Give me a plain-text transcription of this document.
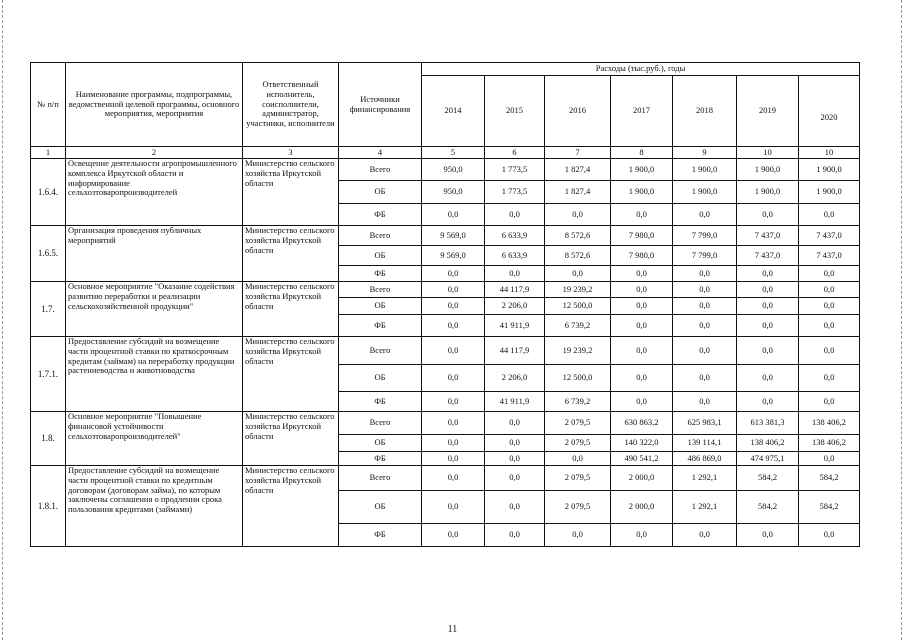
№ п/п	Наименование программы, подпрограммы, ведомственной целевой программы, основного мероприятия, мероприятия	Ответственный исполнитель, соисполнители, администратор, участники, исполнители	Источники финансирования	Расходы (тыс.руб.), годы						
				2014	2015	2016	2017	2018	2019	2020
1	2	3	4	5	6	7	8	9	10	10
1.6.4.	Освещение деятельности агропромышленного комплекса Иркутской области и информирование сельхозтоваропроизводителей	Министерство сельского хозяйства Иркутской области	Всего	950,0	1 773,5	1 827,4	1 900,0	1 900,0	1 900,0	1 900,0
			ОБ	950,0	1 773,5	1 827,4	1 900,0	1 900,0	1 900,0	1 900,0
			ФБ	0,0	0,0	0,0	0,0	0,0	0,0	0,0
1.6.5.	Организация проведения публичных мероприятий	Министерство сельского хозяйства Иркутской области	Всего	9 569,0	6 633,9	8 572,6	7 980,0	7 799,0	7 437,0	7 437,0
			ОБ	9 569,0	6 633,9	8 572,6	7 980,0	7 799,0	7 437,0	7 437,0
			ФБ	0,0	0,0	0,0	0,0	0,0	0,0	0,0
1.7.	Основное мероприятие "Оказание содействия развитию переработки и реализации сельскохозяйственной продукции"	Министерство сельского хозяйства Иркутской области	Всего	0,0	44 117,9	19 239,2	0,0	0,0	0,0	0,0
			ОБ	0,0	2 206,0	12 500,0	0,0	0,0	0,0	0,0
			ФБ	0,0	41 911,9	6 739,2	0,0	0,0	0,0	0,0
1.7.1.	Предоставление субсидий на возмещение части процентной ставки по краткосрочным кредитам (займам) на переработку продукции растениеводства и животноводства	Министерство сельского хозяйства Иркутской области	Всего	0,0	44 117,9	19 239,2	0,0	0,0	0,0	0,0
			ОБ	0,0	2 206,0	12 500,0	0,0	0,0	0,0	0,0
			ФБ	0,0	41 911,9	6 739,2	0,0	0,0	0,0	0,0
1.8.	Основное мероприятие "Повышение финансовой устойчивости сельхозтоваропроизводителей"	Министерство сельского хозяйства Иркутской области	Всего	0,0	0,0	2 079,5	630 863,2	625 983,1	613 381,3	138 406,2
			ОБ	0,0	0,0	2 079,5	140 322,0	139 114,1	138 406,2	138 406,2
			ФБ	0,0	0,0	0,0	490 541,2	486 869,0	474 975,1	0,0
1.8.1.	Предоставление субсидий на возмещение части процентной ставки по кредитным договорам (договорам займа), по которым заключены соглашения о продлении срока пользования кредитами (займами)	Министерство сельского хозяйства Иркутской области	Всего	0,0	0,0	2 079,5	2 000,0	1 292,1	584,2	584,2
			ОБ	0,0	0,0	2 079,5	2 000,0	1 292,1	584,2	584,2
			ФБ	0,0	0,0	0,0	0,0	0,0	0,0	0,0
11
